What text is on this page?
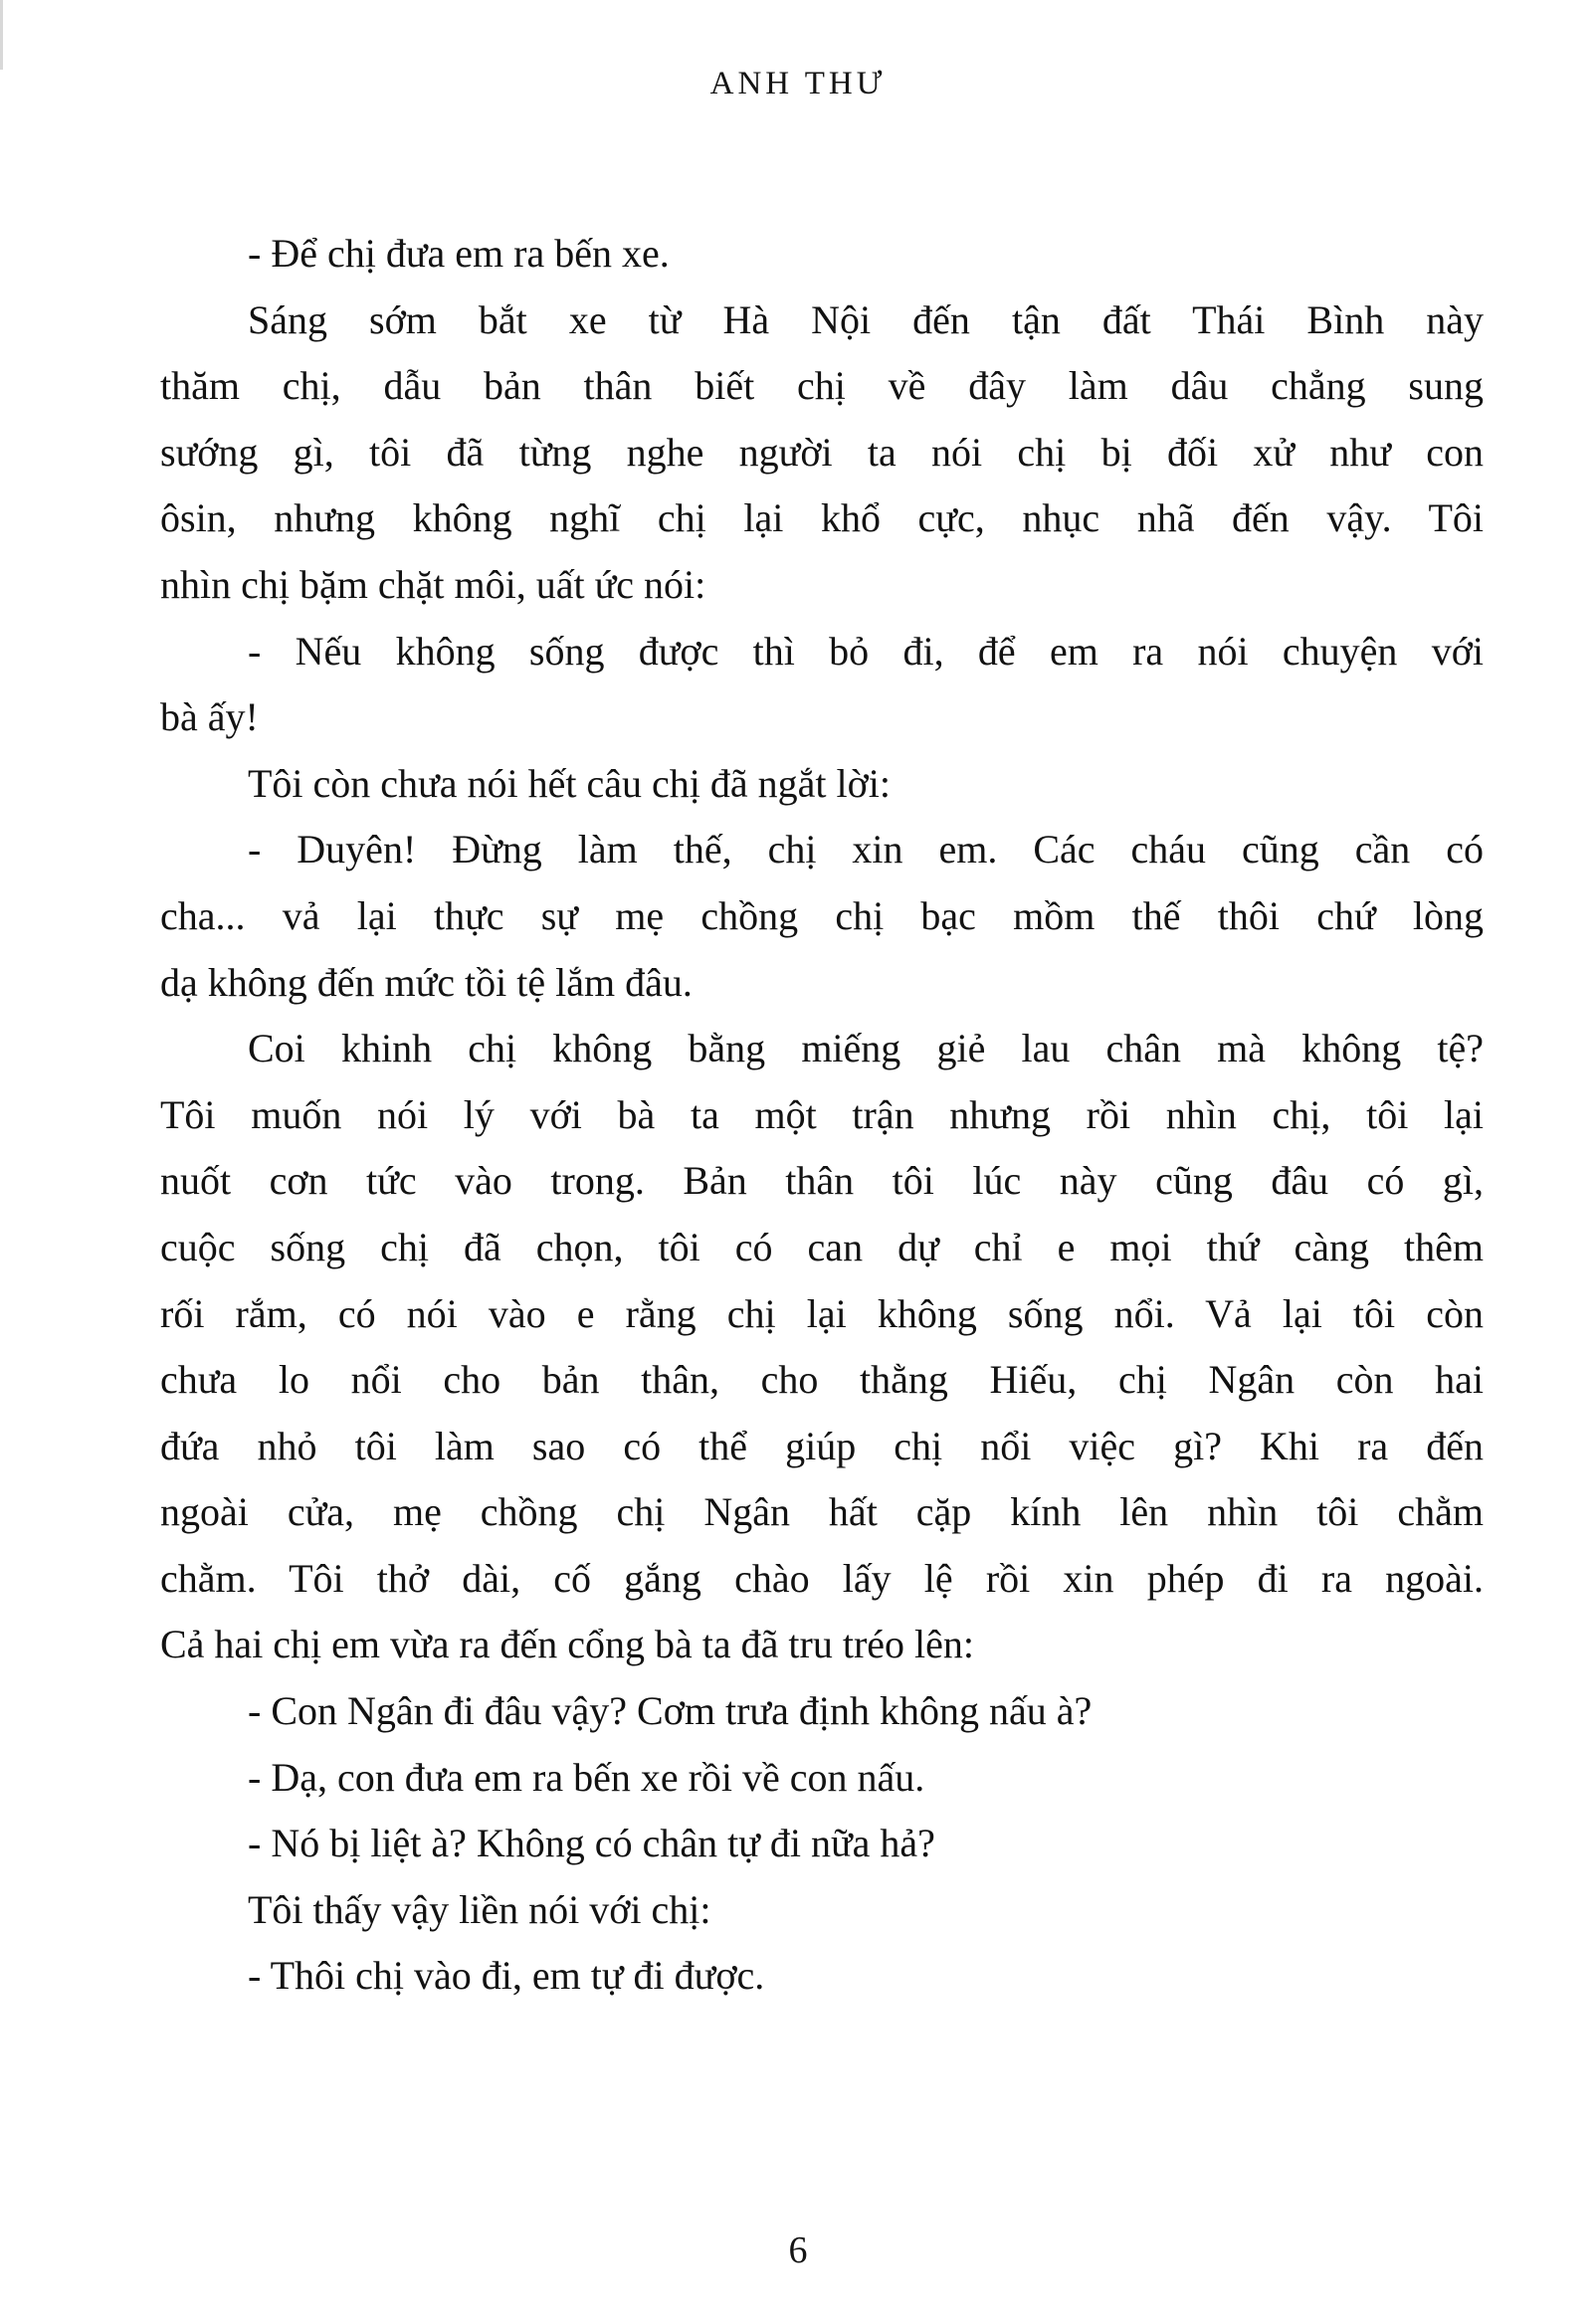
ANH THƯ
- Để chị đưa em ra bến xe.
Sáng sớm bắt xe từ Hà Nội đến tận đất Thái Bình này
thăm chị, dẫu bản thân biết chị về đây làm dâu chẳng sung
sướng gì, tôi đã từng nghe người ta nói chị bị đối xử như con
ôsin, nhưng không nghĩ chị lại khổ cực, nhục nhã đến vậy. Tôi
nhìn chị bặm chặt môi, uất ức nói:
- Nếu không sống được thì bỏ đi, để em ra nói chuyện với
bà ấy!
Tôi còn chưa nói hết câu chị đã ngắt lời:
- Duyên! Đừng làm thế, chị xin em. Các cháu cũng cần có
cha... vả lại thực sự mẹ chồng chị bạc mồm thế thôi chứ lòng
dạ không đến mức tồi tệ lắm đâu.
Coi khinh chị không bằng miếng giẻ lau chân mà không tệ?
Tôi muốn nói lý với bà ta một trận nhưng rồi nhìn chị, tôi lại
nuốt cơn tức vào trong. Bản thân tôi lúc này cũng đâu có gì,
cuộc sống chị đã chọn, tôi có can dự chỉ e mọi thứ càng thêm
rối rắm, có nói vào e rằng chị lại không sống nổi. Vả lại tôi còn
chưa lo nổi cho bản thân, cho thằng Hiếu, chị Ngân còn hai
đứa nhỏ tôi làm sao có thể giúp chị nổi việc gì? Khi ra đến
ngoài cửa, mẹ chồng chị Ngân hất cặp kính lên nhìn tôi chằm
chằm. Tôi thở dài, cố gắng chào lấy lệ rồi xin phép đi ra ngoài.
Cả hai chị em vừa ra đến cổng bà ta đã tru tréo lên:
- Con Ngân đi đâu vậy? Cơm trưa định không nấu à?
- Dạ, con đưa em ra bến xe rồi về con nấu.
- Nó bị liệt à? Không có chân tự đi nữa hả?
Tôi thấy vậy liền nói với chị:
- Thôi chị vào đi, em tự đi được.
6
